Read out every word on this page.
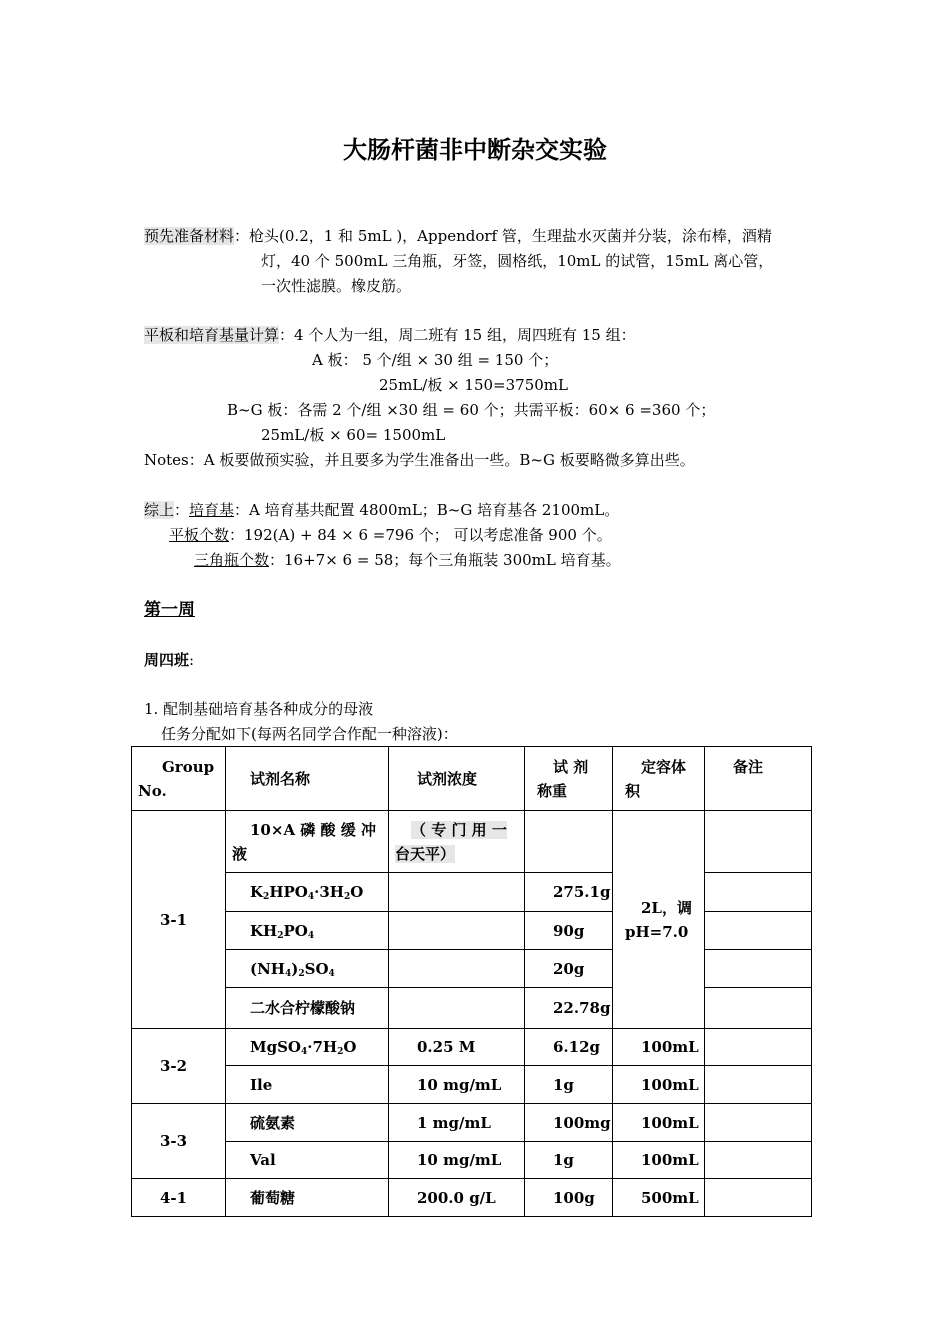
大肠杆菌非中断杂交实验
预先准备材料：枪头(0.2，1 和 5mL )，Appendorf 管，生理盐水灭菌并分装，涂布棒，酒精
灯，40 个 500mL 三角瓶，牙签，圆格纸，10mL 的试管，15mL 离心管，
一次性滤膜。橡皮筋。
平板和培育基量计算：4 个人为一组，周二班有 15 组，周四班有 15 组：
A 板： 5 个/组 × 30 组 = 150 个；
25mL/板 × 150=3750mL
B~G 板：各需 2 个/组 ×30 组 = 60 个；共需平板：60× 6 =360 个；
25mL/板 × 60= 1500mL
Notes：A 板要做预实验，并且要多为学生准备出一些。B~G 板要略微多算出些。
综上：培育基：A 培育基共配置 4800mL；B~G 培育基各 2100mL。
平板个数：192(A) + 84 × 6 =796 个； 可以考虑准备 900 个。
三角瓶个数：16+7× 6 = 58；每个三角瓶装 300mL 培育基。
第一周
周四班:
1. 配制基础培育基各种成分的母液
任务分配如下(每两名同学合作配一种溶液)：
Group
No.	试剂名称	试剂浓度	试 剂
称重	定容体
积	备注
3-1	10×A 磷 酸 缓 冲
液	（ 专 门 用 一
台天平）		2L，调
pH=7.0	
	$K_2HPO_4\cdot 3H_2O$		275.1g		
	$KH_2PO_4$		90g		
	$(NH_4)_2SO_4$		20g		
	二水合柠檬酸钠		22.78g		
3-2	$MgSO_4\cdot 7H_2O$	0.25 M	6.12g	100mL	
	Ile	10 mg/mL	1g	100mL	
3-3	硫氨素	1 mg/mL	100mg	100mL	
	Val	10 mg/mL	1g	100mL	
4-1	葡萄糖	200.0 g/L	100g	500mL	
